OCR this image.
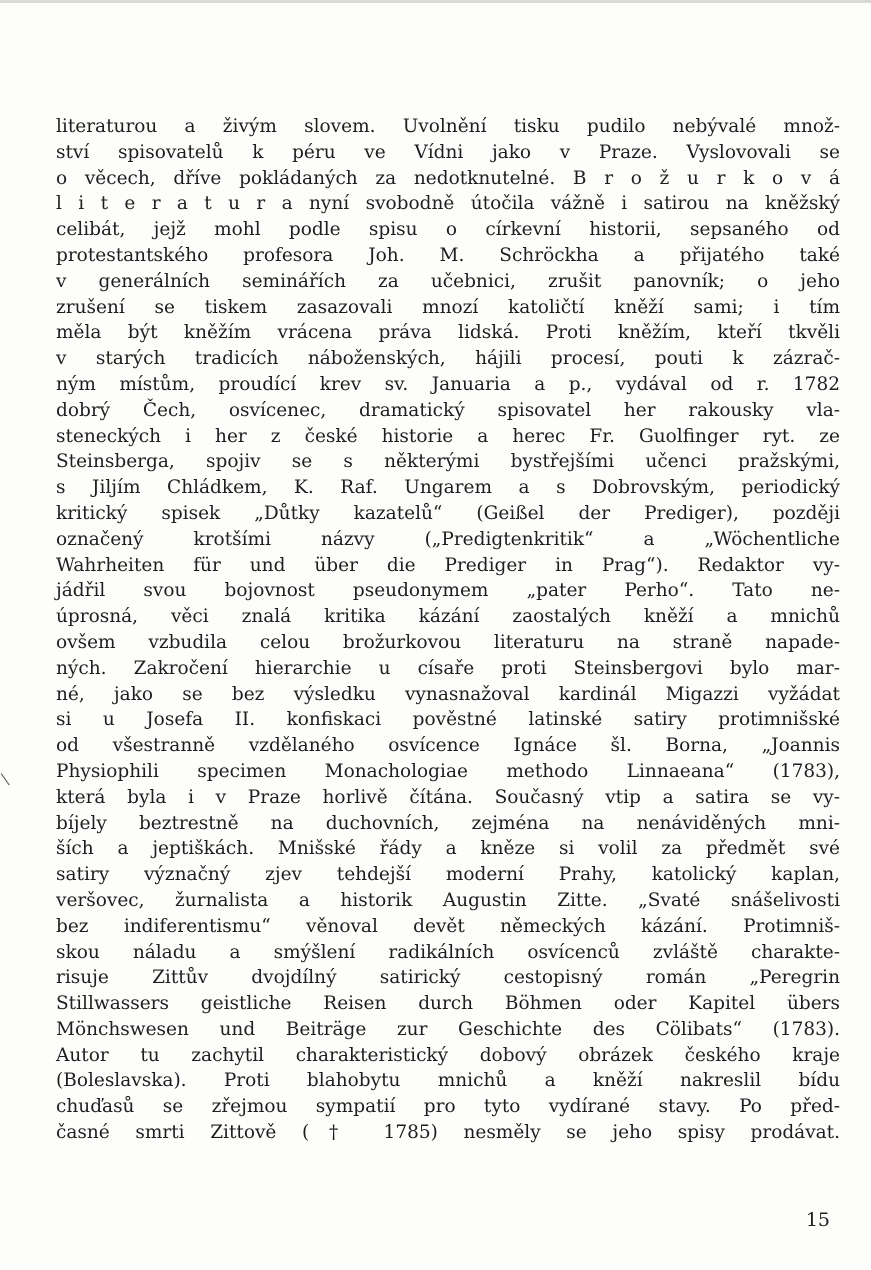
literaturou a živým slovem. Uvolnění tisku pudilo nebývalé množ-
ství spisovatelů k péru ve Vídni jako v Praze. Vyslovovali se
o věcech, dříve pokládaných za nedotknutelné. B r o ž u r k o v á
l i t e r a t u r a nyní svobodně útočila vážně i satirou na kněžský
celibát, jejž mohl podle spisu o církevní historii, sepsaného od
protestantského profesora Joh. M. Schröckha a přijatého také
v generálních seminářích za učebnici, zrušit panovník; o jeho
zrušení se tiskem zasazovali mnozí katoličtí kněží sami; i tím
měla být kněžím vrácena práva lidská. Proti kněžím, kteří tkvěli
v starých tradicích náboženských, hájili procesí, pouti k zázrač-
ným místům, proudící krev sv. Januaria a p., vydával od r. 1782
dobrý Čech, osvícenec, dramatický spisovatel her rakousky vla-
steneckých i her z české historie a herec Fr. Guolfinger ryt. ze
Steinsberga, spojiv se s některými bystřejšími učenci pražskými,
s Jiljím Chládkem, K. Raf. Ungarem a s Dobrovským, periodický
kritický spisek „Důtky kazatelů“ (Geißel der Prediger), později
označený krotšími názvy („Predigtenkritik“ a „Wöchentliche
Wahrheiten für und über die Prediger in Prag“). Redaktor vy-
jádřil svou bojovnost pseudonymem „pater Perho“. Tato ne-
úprosná, věci znalá kritika kázání zaostalých kněží a mnichů
ovšem vzbudila celou brožurkovou literaturu na straně napade-
ných. Zakročení hierarchie u císaře proti Steinsbergovi bylo mar-
né, jako se bez výsledku vynasnažoval kardinál Migazzi vyžádat
si u Josefa II. konfiskaci pověstné latinské satiry protimnišské
od všestranně vzdělaného osvícence Ignáce šl. Borna, „Joannis
Physiophili specimen Monachologiae methodo Linnaeana“ (1783),
která byla i v Praze horlivě čítána. Současný vtip a satira se vy-
bíjely beztrestně na duchovních, zejména na nenáviděných mni-
ších a jeptiškách. Mnišské řády a kněze si volil za předmět své
satiry význačný zjev tehdejší moderní Prahy, katolický kaplan,
veršovec, žurnalista a historik Augustin Zitte. „Svaté snášelivosti
bez indiferentismu“ věnoval devět německých kázání. Protimniš-
skou náladu a smýšlení radikálních osvícenců zvláště charakte-
risuje Zittův dvojdílný satirický cestopisný román „Peregrin
Stillwassers geistliche Reisen durch Böhmen oder Kapitel übers
Mönchswesen und Beiträge zur Geschichte des Cölibats“ (1783).
Autor tu zachytil charakteristický dobový obrázek českého kraje
(Boleslavska). Proti blahobytu mnichů a kněží nakreslil bídu
chuďasů se zřejmou sympatií pro tyto vydírané stavy. Po před-
časné smrti Zittově († 1785) nesměly se jeho spisy prodávat.
15
